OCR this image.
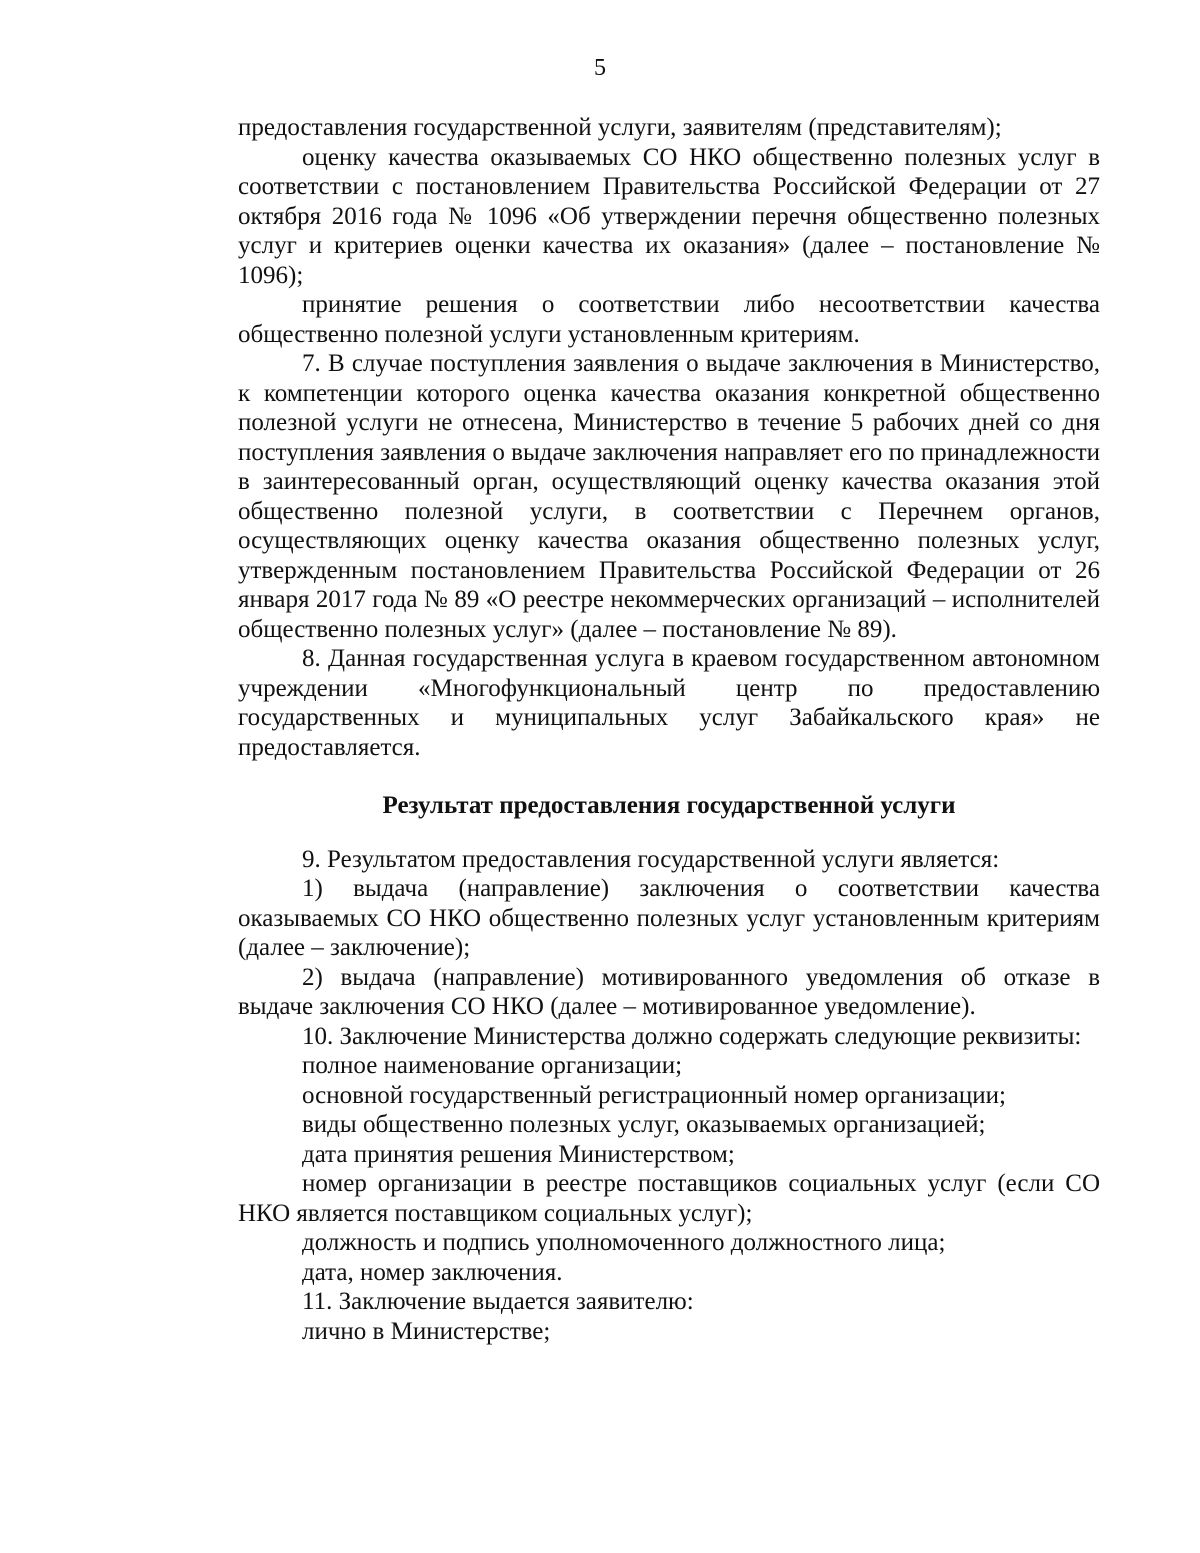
5

предоставления государственной услуги, заявителям (представителям);

оценку качества оказываемых СО НКО общественно полезных услуг в соответствии с постановлением Правительства Российской Федерации от 27 октября 2016 года № 1096 «Об утверждении перечня общественно полезных услуг и критериев оценки качества их оказания» (далее – постановление № 1096);

принятие решения о соответствии либо несоответствии качества общественно полезной услуги установленным критериям.

7. В случае поступления заявления о выдаче заключения в Министерство, к компетенции которого оценка качества оказания конкретной общественно полезной услуги не отнесена, Министерство в течение 5 рабочих дней со дня поступления заявления о выдаче заключения направляет его по принадлежности в заинтересованный орган, осуществляющий оценку качества оказания этой общественно полезной услуги, в соответствии с Перечнем органов, осуществляющих оценку качества оказания общественно полезных услуг, утвержденным постановлением Правительства Российской Федерации от 26 января 2017 года № 89 «О реестре некоммерческих организаций – исполнителей общественно полезных услуг» (далее – постановление № 89).

8. Данная государственная услуга в краевом государственном автономном учреждении «Многофункциональный центр по предоставлению государственных и муниципальных услуг Забайкальского края» не предоставляется.

Результат предоставления государственной услуги

9. Результатом предоставления государственной услуги является:

1) выдача (направление) заключения о соответствии качества оказываемых СО НКО общественно полезных услуг установленным критериям (далее – заключение);

2) выдача (направление) мотивированного уведомления об отказе в выдаче заключения СО НКО (далее – мотивированное уведомление).

10. Заключение Министерства должно содержать следующие реквизиты:

полное наименование организации;

основной государственный регистрационный номер организации;

виды общественно полезных услуг, оказываемых организацией;

дата принятия решения Министерством;

номер организации в реестре поставщиков социальных услуг (если СО НКО является поставщиком социальных услуг);

должность и подпись уполномоченного должностного лица;

дата, номер заключения.

11. Заключение выдается заявителю:

лично в Министерстве;
